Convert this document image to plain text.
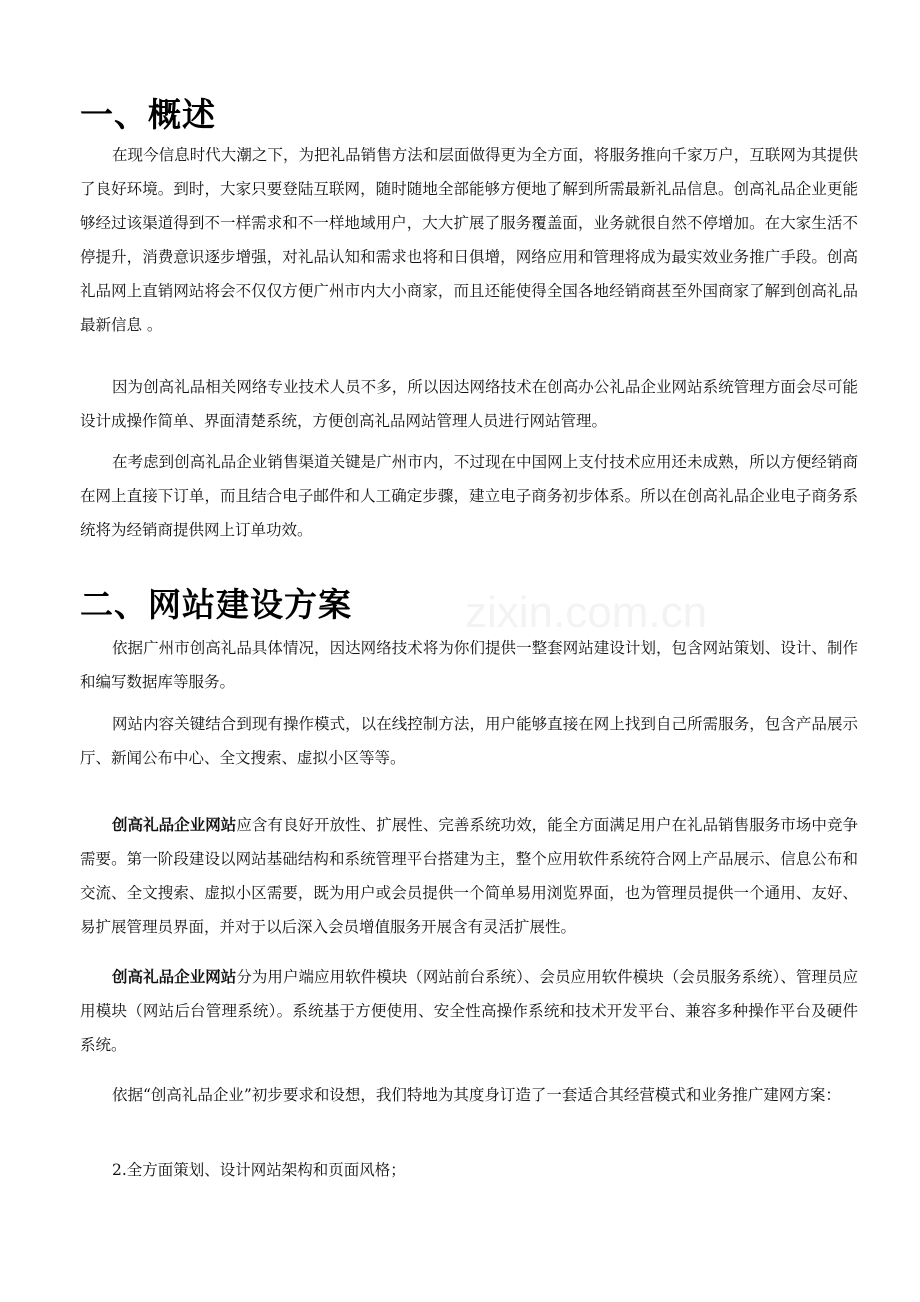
一、概述

在现今信息时代大潮之下，为把礼品销售方法和层面做得更为全方面，将服务推向千家万户，互联网为其提供了良好环境。到时，大家只要登陆互联网，随时随地全部能够方便地了解到所需最新礼品信息。创高礼品企业更能够经过该渠道得到不一样需求和不一样地域用户，大大扩展了服务覆盖面，业务就很自然不停增加。在大家生活不停提升，消费意识逐步增强，对礼品认知和需求也将和日俱增，网络应用和管理将成为最实效业务推广手段。创高礼品网上直销网站将会不仅仅方便广州市内大小商家，而且还能使得全国各地经销商甚至外国商家了解到创高礼品最新信息 。

因为创高礼品相关网络专业技术人员不多，所以因达网络技术在创高办公礼品企业网站系统管理方面会尽可能设计成操作简单、界面清楚系统，方便创高礼品网站管理人员进行网站管理。

在考虑到创高礼品企业销售渠道关键是广州市内，不过现在中国网上支付技术应用还未成熟，所以方便经销商在网上直接下订单，而且结合电子邮件和人工确定步骤，建立电子商务初步体系。所以在创高礼品企业电子商务系统将为经销商提供网上订单功效。

zixin.com.cn
二、网站建设方案

依据广州市创高礼品具体情况，因达网络技术将为你们提供一整套网站建设计划，包含网站策划、设计、制作和编写数据库等服务。

网站内容关键结合到现有操作模式，以在线控制方法，用户能够直接在网上找到自己所需服务，包含产品展示厅、新闻公布中心、全文搜索、虚拟小区等等。

创高礼品企业网站应含有良好开放性、扩展性、完善系统功效，能全方面满足用户在礼品销售服务市场中竞争需要。第一阶段建设以网站基础结构和系统管理平台搭建为主，整个应用软件系统符合网上产品展示、信息公布和交流、全文搜索、虚拟小区需要，既为用户或会员提供一个简单易用浏览界面，也为管理员提供一个通用、友好、易扩展管理员界面，并对于以后深入会员增值服务开展含有灵活扩展性。

创高礼品企业网站分为用户端应用软件模块（网站前台系统）、会员应用软件模块（会员服务系统）、管理员应用模块（网站后台管理系统）。系统基于方便使用、安全性高操作系统和技术开发平台、兼容多种操作平台及硬件系统。

依据“创高礼品企业”初步要求和设想，我们特地为其度身订造了一套适合其经营模式和业务推广建网方案：

2.全方面策划、设计网站架构和页面风格；
